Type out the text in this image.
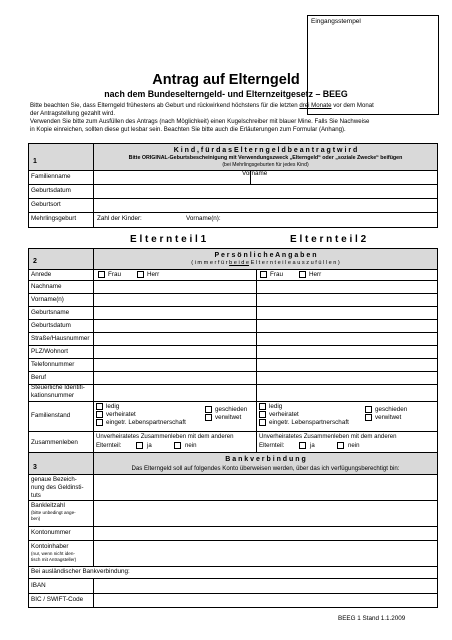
Eingangsstempel
Antrag auf Elterngeld
nach dem Bundeselterngeld- und Elternzeitgesetz – BEEG
Bitte beachten Sie, dass Elterngeld frühestens ab Geburt und rückwirkend höchstens für die letzten drei Monate vor dem Monat
der Antragstellung gezahlt wird.
Verwenden Sie bitte zum Ausfüllen des Antrags (nach Möglichkeit) einen Kugelschreiber mit blauer Mine. Falls Sie Nachweise
in Kopie einreichen, sollten diese gut lesbar sein. Beachten Sie bitte auch die Erläuterungen zum Formular (Anhang).
1
K i n d , f ü r d a s E l t e r n g e l d b e a n t r a g t w i r d
Bitte ORIGINAL-Geburtsbescheinigung mit Verwendungszweck „Elterngeld“ oder „soziale Zwecke“ beifügen
(bei Mehrlingsgeburten für jedes Kind)
Familienname	Vorname
Geburtsdatum
Geburtsort
Mehrlingsgeburt	Zahl der Kinder:	Vorname(n):
E l t e r n t e i l 1	E l t e r n t e i l 2
2
P e r s ö n l i c h e A n g a b e n
( i m m e r f ü r b e i d e E l t e r n t e i l e a u s z u f ü l l e n )
Anrede	Frau	Herr	Frau	Herr
Nachname
Vorname(n)
Geburtsname
Geburtsdatum
Straße/Hausnummer
PLZ/Wohnort
Telefonnummer
Beruf
Steuerliche Identifi-
kationsnummer
Familienstand
ledig
verheiratet
eingetr. Lebenspartnerschaft
geschieden
verwitwet
ledig
verheiratet
eingetr. Lebenspartnerschaft
geschieden
verwitwet
Zusammenleben
Unverheiratetes Zusammenleben mit dem anderen
Elternteil:	ja	nein
Unverheiratetes Zusammenleben mit dem anderen
Elternteil:	ja	nein
3
B a n k v e r b i n d u n g
Das Elterngeld soll auf folgendes Konto überweisen werden, über das ich verfügungsberechtigt bin:
genaue Bezeich-
nung des Geldinsti-
tuts
Bankleitzahl
(bitte unbedingt ange-
ben)
Kontonummer
Kontoinhaber
(nur, wenn nicht iden-
tisch mit Antragsteller)
Bei ausländischer Bankverbindung:
IBAN
BIC / SWIFT-Code
BEEG 1 Stand 1.1.2009
